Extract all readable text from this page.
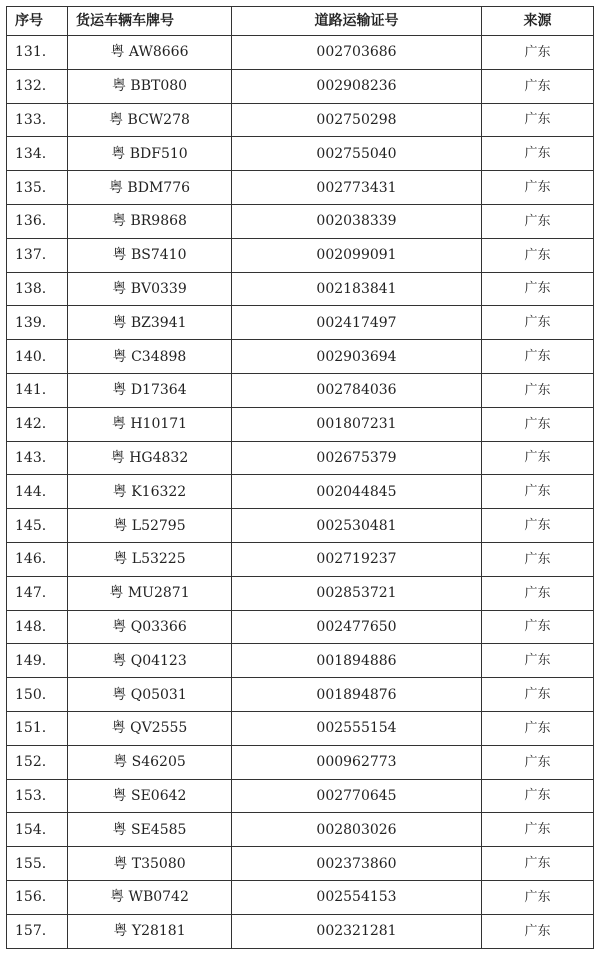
序号	货运车辆车牌号	道路运输证号	来源
131.	粤 AW8666	002703686	广东
132.	粤 BBT080	002908236	广东
133.	粤 BCW278	002750298	广东
134.	粤 BDF510	002755040	广东
135.	粤 BDM776	002773431	广东
136.	粤 BR9868	002038339	广东
137.	粤 BS7410	002099091	广东
138.	粤 BV0339	002183841	广东
139.	粤 BZ3941	002417497	广东
140.	粤 C34898	002903694	广东
141.	粤 D17364	002784036	广东
142.	粤 H10171	001807231	广东
143.	粤 HG4832	002675379	广东
144.	粤 K16322	002044845	广东
145.	粤 L52795	002530481	广东
146.	粤 L53225	002719237	广东
147.	粤 MU2871	002853721	广东
148.	粤 Q03366	002477650	广东
149.	粤 Q04123	001894886	广东
150.	粤 Q05031	001894876	广东
151.	粤 QV2555	002555154	广东
152.	粤 S46205	000962773	广东
153.	粤 SE0642	002770645	广东
154.	粤 SE4585	002803026	广东
155.	粤 T35080	002373860	广东
156.	粤 WB0742	002554153	广东
157.	粤 Y28181	002321281	广东
